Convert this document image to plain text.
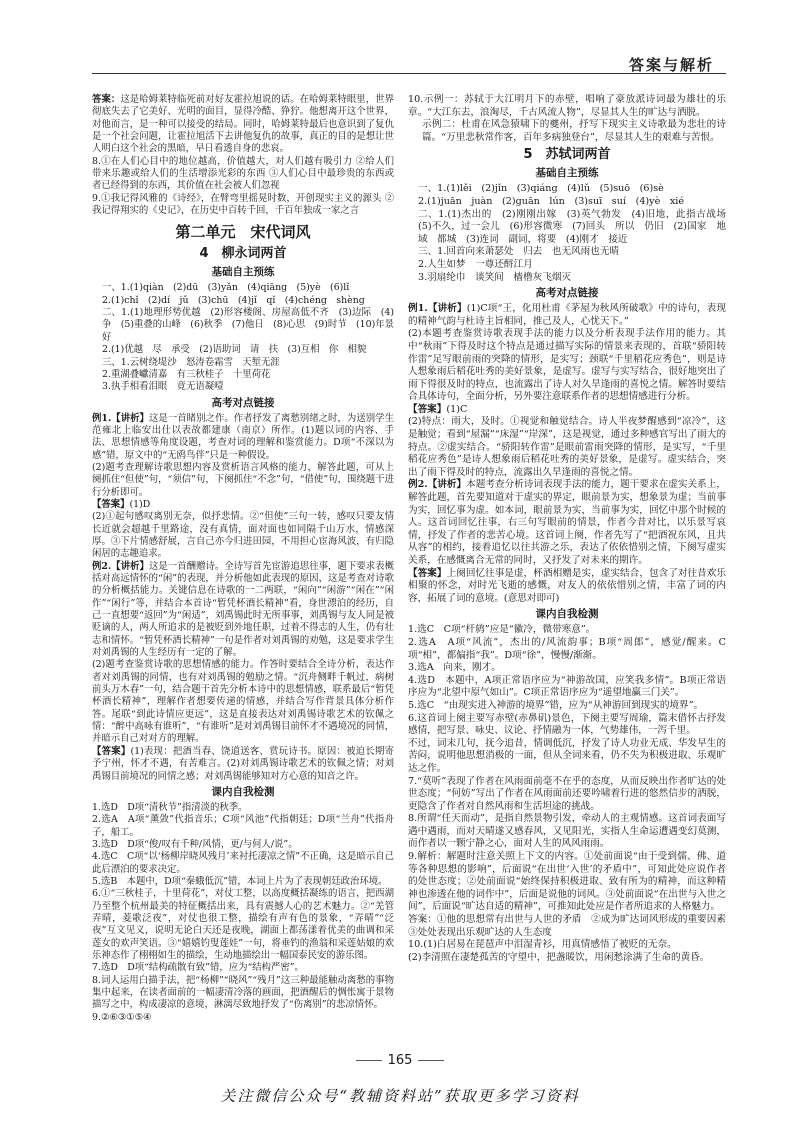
答案与解析

答案：这是哈姆莱特临死前对好友霍拉旭说的话。在哈姆莱特眼里，世界彻底失去了它美好、光明的面目，显得冷酷、狰狞。他想离开这个世界，对他而言，是一种可以接受的结局。同时，哈姆莱特最后也意识到了复仇是一个社会问题，让霍拉旭活下去讲他复仇的故事，真正的目的是想让世人明白这个社会的黑暗，早日看透自身的悲哀。

8.①在人们心目中的地位越高，价值越大，对人们越有吸引力 ②给人们带来乐趣或给人们的生活增添光彩的东西 ③人们心目中最珍贵的东西或者已经得到的东西，其价值在社会被人们忽视

9.①我记得风雅的《诗经》，在臂弯里摇晃时数，开创现实主义的源头 ②我记得翔实的《史记》，在历史中百转千回，千百年独成一家之言

第二单元　宋代词风
4　柳永词两首
基础自主预练

一、1.(1)qiàn　(2)dū　(3)yǎn　(4)qiāng　(5)yè　(6)lǐ

2.(1)chǐ　(2)dí　jǔ　(3)chū　(4)jǐ　qǐ　(4)chéng　shèng

二、1.(1)地理形势优越　(2)形容楼阁、房屋高低不齐　(3)边际　(4)争　(5)重叠的山峰　(6)秋季　(7)他日　(8)心思　(9)时节　(10)年景好

2.(1)优越　尽　承受　(2)语助词　请　扶　(3)互相　你　相貌

三、1.云树绕堤沙　怒涛卷霜雪　天堑无涯

2.重湖叠巘清嘉　有三秋桂子　十里荷花

3.执手相看泪眼　竟无语凝噎

高考对点链接

例1.【讲析】这是一首睹别之作。作者抒发了离愁别绪之时，为送别学生范雍北上临安出仕以表故都建康（南京）所作。(1)题以词的内容、手法、思想情感等角度设题，考查对词的理解和鉴赏能力。D项“不深以为感”错，原文中的“无鸥鸟伴”只是一种假设。

(2)题考查理解诗歌思想内容及赏析语言风格的能力，解答此题，可从上阕抓住“但使”句，“须信”句，下阕抓住“不念”句，“借使”句，围绕题干进行分析即可。

【答案】(1)D

(2)①起句感叹离别无奈，似抒悲情。②“但使”三句一转，感叹只要友情长近就会超越千里路途，没有真情，面对面也如同隔千山万水，情感深厚。③下片情感舒展，言自己亦今归进田园，不用担心宦海风波，有归隐闲居的志趣追求。

例2.【讲析】这是一首酬赠诗。全诗写首先宦游追思往事，题下要求表概括对高远情怀的“闲”的表现，并分析他如此表现的原因，这是考查对诗歌的分析概括能力。关键信息在诗歌的一二两联，“闲向”“闲游”“闲在”“闲作”“闲行”等，并结合本首诗“暂凭杯酒长精神”看，身世漂泊的经历，自己一直想要“返回”为“闲适”，刘禹锡此时无所事事，刘禹锡与友人同是被贬谪的人，两人所追求的是被贬到外地任职，过着不得志的人生，仍有壮志和情怀。“暂凭杯酒长精神”一句是作者对刘禹锡的劝勉，这是要求学生对刘禹锡的人生经历有一定的了解。

(2)题考查鉴赏诗歌的思想情感的能力。作答时要结合全诗分析，表达作者对刘禹锡的同情，也有对刘禹锡的勉励之情。“沉舟侧畔千帆过，病树前头万木春”一句，结合题干首先分析本诗中的思想情感，联系最后“暂凭杯酒长精神”，理解作者想要传递的情感，并结合写作背景具体分析作答。尾联“到此诗情应更远”，这是直接表达对刘禹锡诗歌艺术的钦佩之情：“醉中高咏有谁听”，“有谁听”是对刘禹锡目前怀才不遇境况的同情，并暗示自己对对方的理解。

【答案】(1)表现：把酒当春、饶道送客、赏玩诗书。原因：被迫长期寄予宁州，怀才不遇，有苦难言。(2)对刘禹锡诗歌艺术的钦佩之情；对刘禹锡目前境况的同情之感；对刘禹锡能够知对方心意的知音之许。

课内自我检测

1.选D　D项“清秋节”指清淡的秋季。

2.选A　A项“薰敛”代指音乐；C项“风池”代指朝廷；D项“兰舟”代指舟子，船工。

3.选D　D项“俊/叹有千种/风情，更/与何人/说”。

4.选C　C项“以‘杨柳岸晓风残月’来衬托凄凉之情”不正确，这是暗示自己此后漂泊的要求决定。

5.选B　本题中，D项“秦蛾低沉”错，本词上片为了表现朝廷政治环境。

6.①“三秋桂子，十里荷花”，对仗工整，以高度概括凝练的语言，把西湖乃至整个杭州最美的特征概括出来，具有震撼人心的艺术魅力。②“羌管弄晴，菱歌泛夜”，对仗也很工整，描绘有声有色的景象，“弄晴”“泛夜”互文见义，说明无论白天还是夜晚，湖面上都荡漾着优美的曲调和采莲女的欢声笑语。③“嬉嬉钓叟莲娃”一句，将垂钓的渔翁和采莲姑娘的欢乐神态作了栩栩如生的描绘，生动地描绘出一幅国泰民安的游乐图。

7.选D　D项“结构疏散有致”错，应为“结构严密”。

8.词人运用白描手法，把“杨柳”“晓风”“残月”这三种最能触动离愁的事物集中起来，在读者面前的一幅凄清冷落的画面，把酒醒后的惆怅寓于景物描写之中，构成凄凉的意境，淋漓尽致地抒发了“伤离别”的悲凉情怀。

9.②⑥③①⑤④

10.示例一：苏轼于大江明月下的赤壁，唱响了豪放派诗词最为雄壮的乐章。“大江东去，浪淘尽，千古风流人物”，尽显其人生的旷达与洒脱。

示例二：杜甫在风急猿啸下的夔州，抒写下现实主义诗歌最为悲壮的诗篇。“万里悲秋常作客，百年多病独登台”，尽显其人生的艰难与苦恨。

5　苏轼词两首
基础自主预练

一、1.(1)lěi　(2)jǐn　(3)qiáng　(4)lǔ　(5)suō　(6)sè

2.(1)juān　juàn　(2)guān　lún　(3)suī　suí　(4)yè　xié

二、1.(1)杰出的　(2)刚刚出嫁　(3)英气勃发　(4)旧地，此指古战场　(5)不久，过一会儿　(6)形容微寒　(7)回头　所以　仍旧　(2)国家　地域　都城　(3)连词　副词，将要　(4)刚才　接近

三、1.回首向来萧瑟处　归去　也无风雨也无晴

2.人生如梦　一尊还酹江月

3.羽扇纶巾　谈笑间　樯橹灰飞烟灭

高考对点链接

例1.【讲析】(1)C项“王，化用杜甫《茅屋为秋风所破歌》中的诗句，表现的精神气韵与杜诗主旨相同，推己及人，心忧天下。”

(2)本题考查鉴赏诗歌表现手法的能力以及分析表现手法作用的能力。其中“秋雨”下得及时这个特点是通过描写实际的情景来表现的，首联“骄阳转作雷”足写眼前雨的突降的情形，是实写；颈联“千里稻花应秀色”，则是诗人想象雨后稻花吐秀的美好景象，是虚写。虚写与实写结合，很好地突出了雨下得很及时的特点，也流露出了诗人对久旱逢雨的喜悦之情。解答时要结合具体诗句，全面分析，另外要注意联系作者的思想情感进行分析。

【答案】(1)C

(2)特点：雨大，及时。①视觉和触觉结合。诗人半夜梦醒感到“凉冷”，这是触觉；看到“屋漏”“床湿”“岸深”，这是视觉，通过多种感官写出了雨大的特点。②虚实结合。“骄阳转作雷”是眼前雷雨突降的情形，是实写，“千里稻花应秀色”是诗人想象雨后稻花吐秀的美好景象，是虚写。虚实结合，突出了雨下得及时的特点，流露出久旱逢雨的喜悦之情。

例2.【讲析】本题考查分析诗词表现手法的能力，题干要求在虚实关系上，解答此题，首先要知道对于虚实的界定，眼前景为实，想象景为虚；当前事为实，回忆事为虚。如本词，眼前景为实，当前事为实，回忆中那个时候的人。这首词回忆往事，右三句写眼前的情景，作者今昔对比，以乐景写哀情，抒发了作者的悲苦心境。这首词上阕，作者先写了“把酒祝东风，且共从容”的相约，接着追忆以往共游之乐，表达了依依惜别之情，下阕写虚实关系，在感慨离合无常的同时，又抒发了对未来的期许。

【答案】上阕回忆往事是虚，杯酒相赠是实，虚实结合，包含了对往昔欢乐相聚的怀念，对时光飞逝的感慨，对友人的依依惜别之情，丰富了词的内容，拓展了词的意境。(意思对即可)

课内自我检测

1.选C　C项“杆鸫”应是“徽冷，微带寒意”。

2.选A　A项“风流”，杰出的/风流韵事；B项“周郎”，感觉/醒来。C项“相”，都偏指“我”。D项“徐”，慢慢/渐渐。

3.选A　向来，刚才。

4.选D　本题中，A项正常语序应为“神游故国，应笑我多情”。B项正常语序应为“北望中原气如山”。C项正常语序应为“遥望地赢三门关”。

5.选C　“由现实进入神游的境界”错，应为“从神游回到现实的境界”。

6.这首词上阕主要写赤壁(赤鼻矶)景色，下阕主要写周瑜，篇末借怀古抒发感情，把写景、咏史、议论、抒情融为一体，气势雄伟，一泻千里。

不过，词末几句，抚今追昔，情调低沉，抒发了诗人功业无成、华发早生的苦闷，说明他思想消极的一面，但从全词来看，仍不失为积极进取、乐观旷达之作。

7.“莫听”表现了作者在风雨面前毫不在乎的态度，从而反映出作者旷达的处世态度；“何妨”写出了作者在风雨面前还要吟啸着行进的悠然信步的洒脱，更隐含了作者对自然风雨和生活坦途的挑战。

8.所谓“任天而动”，是指自然景物引发，牵动人的主观情感。这首词表面写遇中遇雨，而对天晴遂又感春风，又见阳光，实指人生命运遭遇变幻莫测，而作者以一颗宁静之心，面对人生的风风雨雨。

9.解析：解题时注意关照上下文的内容。①处前面说“由于受到儒、佛、道等各种思想的影响”，后面说“在出世‘入世’的矛盾中”，可知此处应说作者的处世态度；②处前面说“始终保持积极进取、致有所为的精神，而这种精神也渗透在他的词作中”，后面是说他的词风。③处前面说“在出世与入世之间”，后面说“旷达自适的精神”，可推知此处应是作者所追求的人格魅力。

答案：①他的思想常有出世与人世的矛盾　②成为旷达词风形成的重要因素　③处处表现出乐观旷达的人生态度

10.(1)白居易在琵琶声中泪湿青衫，用真情感悟了被贬的无奈。

(2)李清照在凄楚孤苦的守望中，把盏暖饮，用闲愁涂满了生命的黄昏。

165
关注微信公众号“教辅资料站”获取更多学习资料
